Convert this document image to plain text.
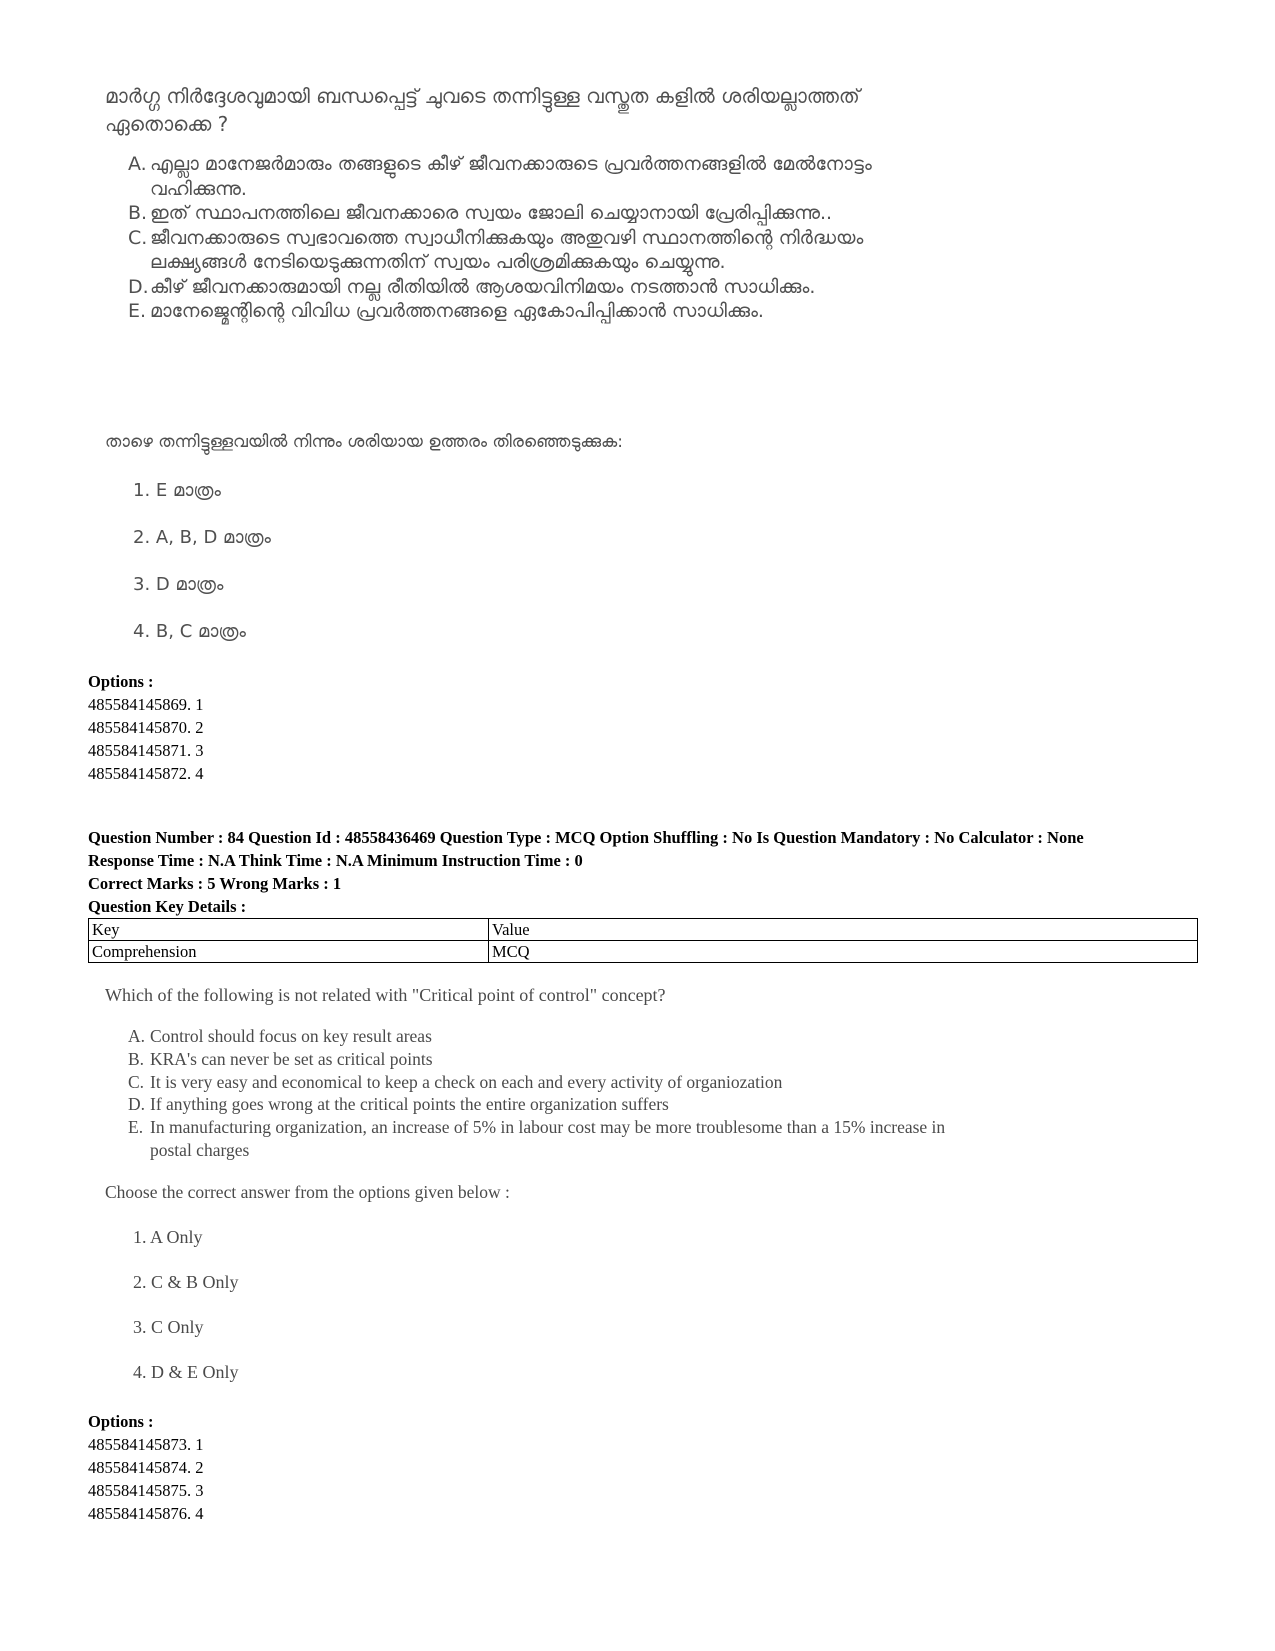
മാർഗ്ഗ നിർദ്ദേശവുമായി ബന്ധപ്പെട്ട് ചുവടെ തന്നിട്ടുള്ള വസ്തുത കളിൽ ശരിയല്ലാത്തത് ഏതൊക്കെ ?
A. എല്ലാ മാനേജർമാരും തങ്ങളുടെ കീഴ് ജീവനക്കാരുടെ പ്രവർത്തനങ്ങളിൽ മേൽനോട്ടം വഹിക്കുന്നു.
B. ഇത് സ്ഥാപനത്തിലെ ജീവനക്കാരെ സ്വയം ജോലി ചെയ്യാനായി പ്രേരിപ്പിക്കുന്നു..
C. ജീവനക്കാരുടെ സ്വഭാവത്തെ സ്വാധീനിക്കുകയും അതുവഴി സ്ഥാനത്തിന്റെ നിർദ്ധയം ലക്ഷ്യങ്ങൾ നേടിയെടുക്കുന്നതിന് സ്വയം പരിശ്രമിക്കുകയും ചെയ്യുന്നു.
D. കീഴ് ജീവനക്കാരുമായി നല്ല രീതിയിൽ ആശയവിനിമയം നടത്താൻ സാധിക്കും.
E. മാനേജ്മെന്റിന്റെ വിവിധ പ്രവർത്തനങ്ങളെ ഏകോപിപ്പിക്കാൻ സാധിക്കും.
താഴെ തന്നിട്ടുള്ളവയിൽ നിന്നും ശരിയായ ഉത്തരം തിരഞ്ഞെടുക്കുക:
1. E മാത്രം
2. A, B, D മാത്രം
3. D മാത്രം
4. B, C മാത്രം
Options :
485584145869. 1
485584145870. 2
485584145871. 3
485584145872. 4
Question Number : 84 Question Id : 48558436469 Question Type : MCQ Option Shuffling : No Is Question Mandatory : No Calculator : None
Response Time : N.A Think Time : N.A Minimum Instruction Time : 0
Correct Marks : 5 Wrong Marks : 1
Question Key Details :
Key	Value
Comprehension	MCQ
Which of the following is not related with "Critical point of control" concept?
A. Control should focus on key result areas
B. KRA's can never be set as critical points
C. It is very easy and economical to keep a check on each and every activity of organiozation
D. If anything goes wrong at the critical points the entire organization suffers
E. In manufacturing organization, an increase of 5% in labour cost may be more troublesome than a 15% increase in postal charges
Choose the correct answer from the options given below :
1. A Only
2. C & B Only
3. C Only
4. D & E Only
Options :
485584145873. 1
485584145874. 2
485584145875. 3
485584145876. 4
